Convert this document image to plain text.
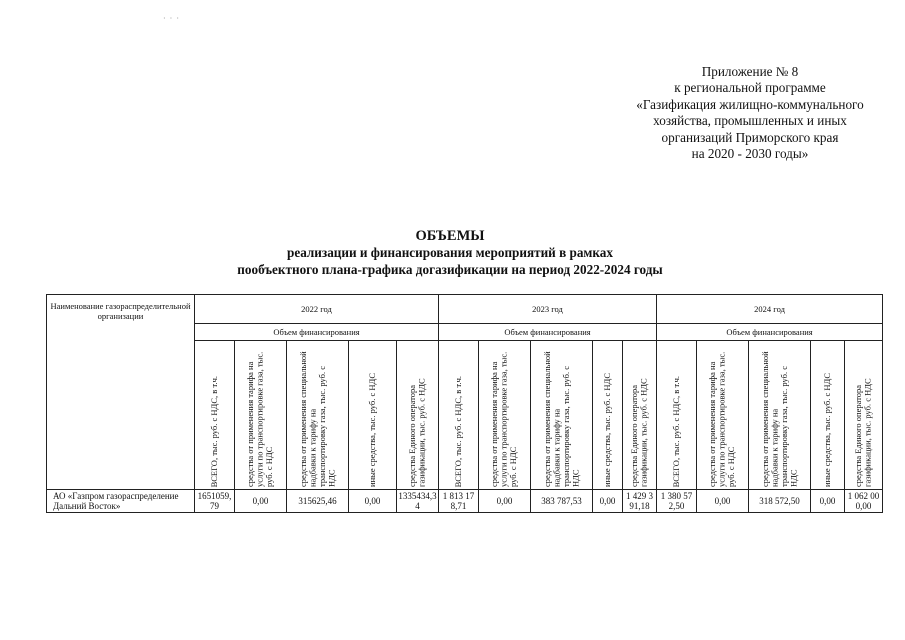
· · ·
Приложение № 8
к региональной программе
«Газификация жилищно-коммунального
хозяйства, промышленных и иных
организаций Приморского края
на 2020 - 2030 годы»
ОБЪЕМЫ
реализации и финансирования мероприятий в рамках
пообъектного плана-графика догазификации на период 2022-2024 годы
Наименование газораспределительной организации	2022 год					2023 год					2024 год				
	Объем финансирования					Объем финансирования					Объем финансирования				
	ВСЕГО, тыс. руб. с НДС, в т.ч.	средства от применения тарифа на услуги по транспортировке газа, тыс. руб. с НДС	средства от применения специальной надбавки к тарифу на транспортировку газа, тыс. руб. с НДС	иные средства, тыс. руб. с НДС	средства Единого оператора газификации, тыс. руб. с НДС	ВСЕГО, тыс. руб. с НДС, в т.ч.	средства от применения тарифа на услуги по транспортировке газа, тыс. руб. с НДС	средства от применения специальной надбавки к тарифу на транспортировку газа, тыс. руб. с НДС	иные средства, тыс. руб. с НДС	средства Единого оператора газификации, тыс. руб. с НДС	ВСЕГО, тыс. руб. с НДС, в т.ч.	средства от применения тарифа на услуги по транспортировке газа, тыс. руб. с НДС	средства от применения специальной надбавки к тарифу на транспортировку газа, тыс. руб. с НДС	иные средства, тыс. руб. с НДС	средства Единого оператора газификации, тыс. руб. с НДС
АО «Газпром газораспределение Дальний Восток»	1651059,79	0,00	315625,46	0,00	1335434,34	1 813 178,71	0,00	383 787,53	0,00	1 429 391,18	1 380 572,50	0,00	318 572,50	0,00	1 062 000,00
